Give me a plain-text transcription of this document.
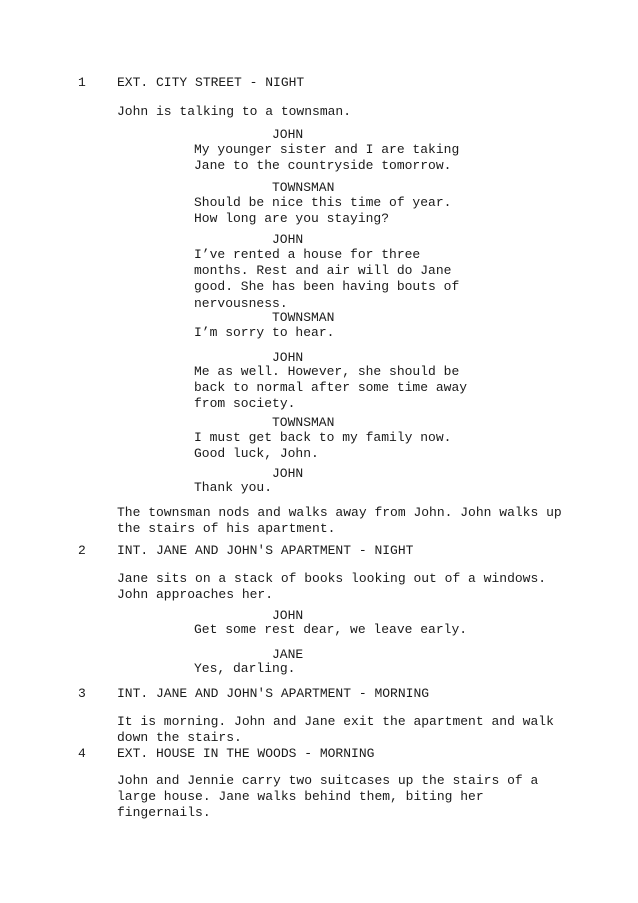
1 EXT. CITY STREET - NIGHT
John is talking to a townsman.
JOHN
My younger sister and I are taking
Jane to the countryside tomorrow.
TOWNSMAN
Should be nice this time of year.
How long are you staying?
JOHN
I’ve rented a house for three
months. Rest and air will do Jane
good. She has been having bouts of
nervousness.
TOWNSMAN
I’m sorry to hear.
JOHN
Me as well. However, she should be
back to normal after some time away
from society.
TOWNSMAN
I must get back to my family now.
Good luck, John.
JOHN
Thank you.
The townsman nods and walks away from John. John walks up
the stairs of his apartment.
2 INT. JANE AND JOHN'S APARTMENT - NIGHT
Jane sits on a stack of books looking out of a windows.
John approaches her.
JOHN
Get some rest dear, we leave early.
JANE
Yes, darling.
3 INT. JANE AND JOHN'S APARTMENT - MORNING
It is morning. John and Jane exit the apartment and walk
down the stairs.
4 EXT. HOUSE IN THE WOODS - MORNING
John and Jennie carry two suitcases up the stairs of a
large house. Jane walks behind them, biting her
fingernails.
